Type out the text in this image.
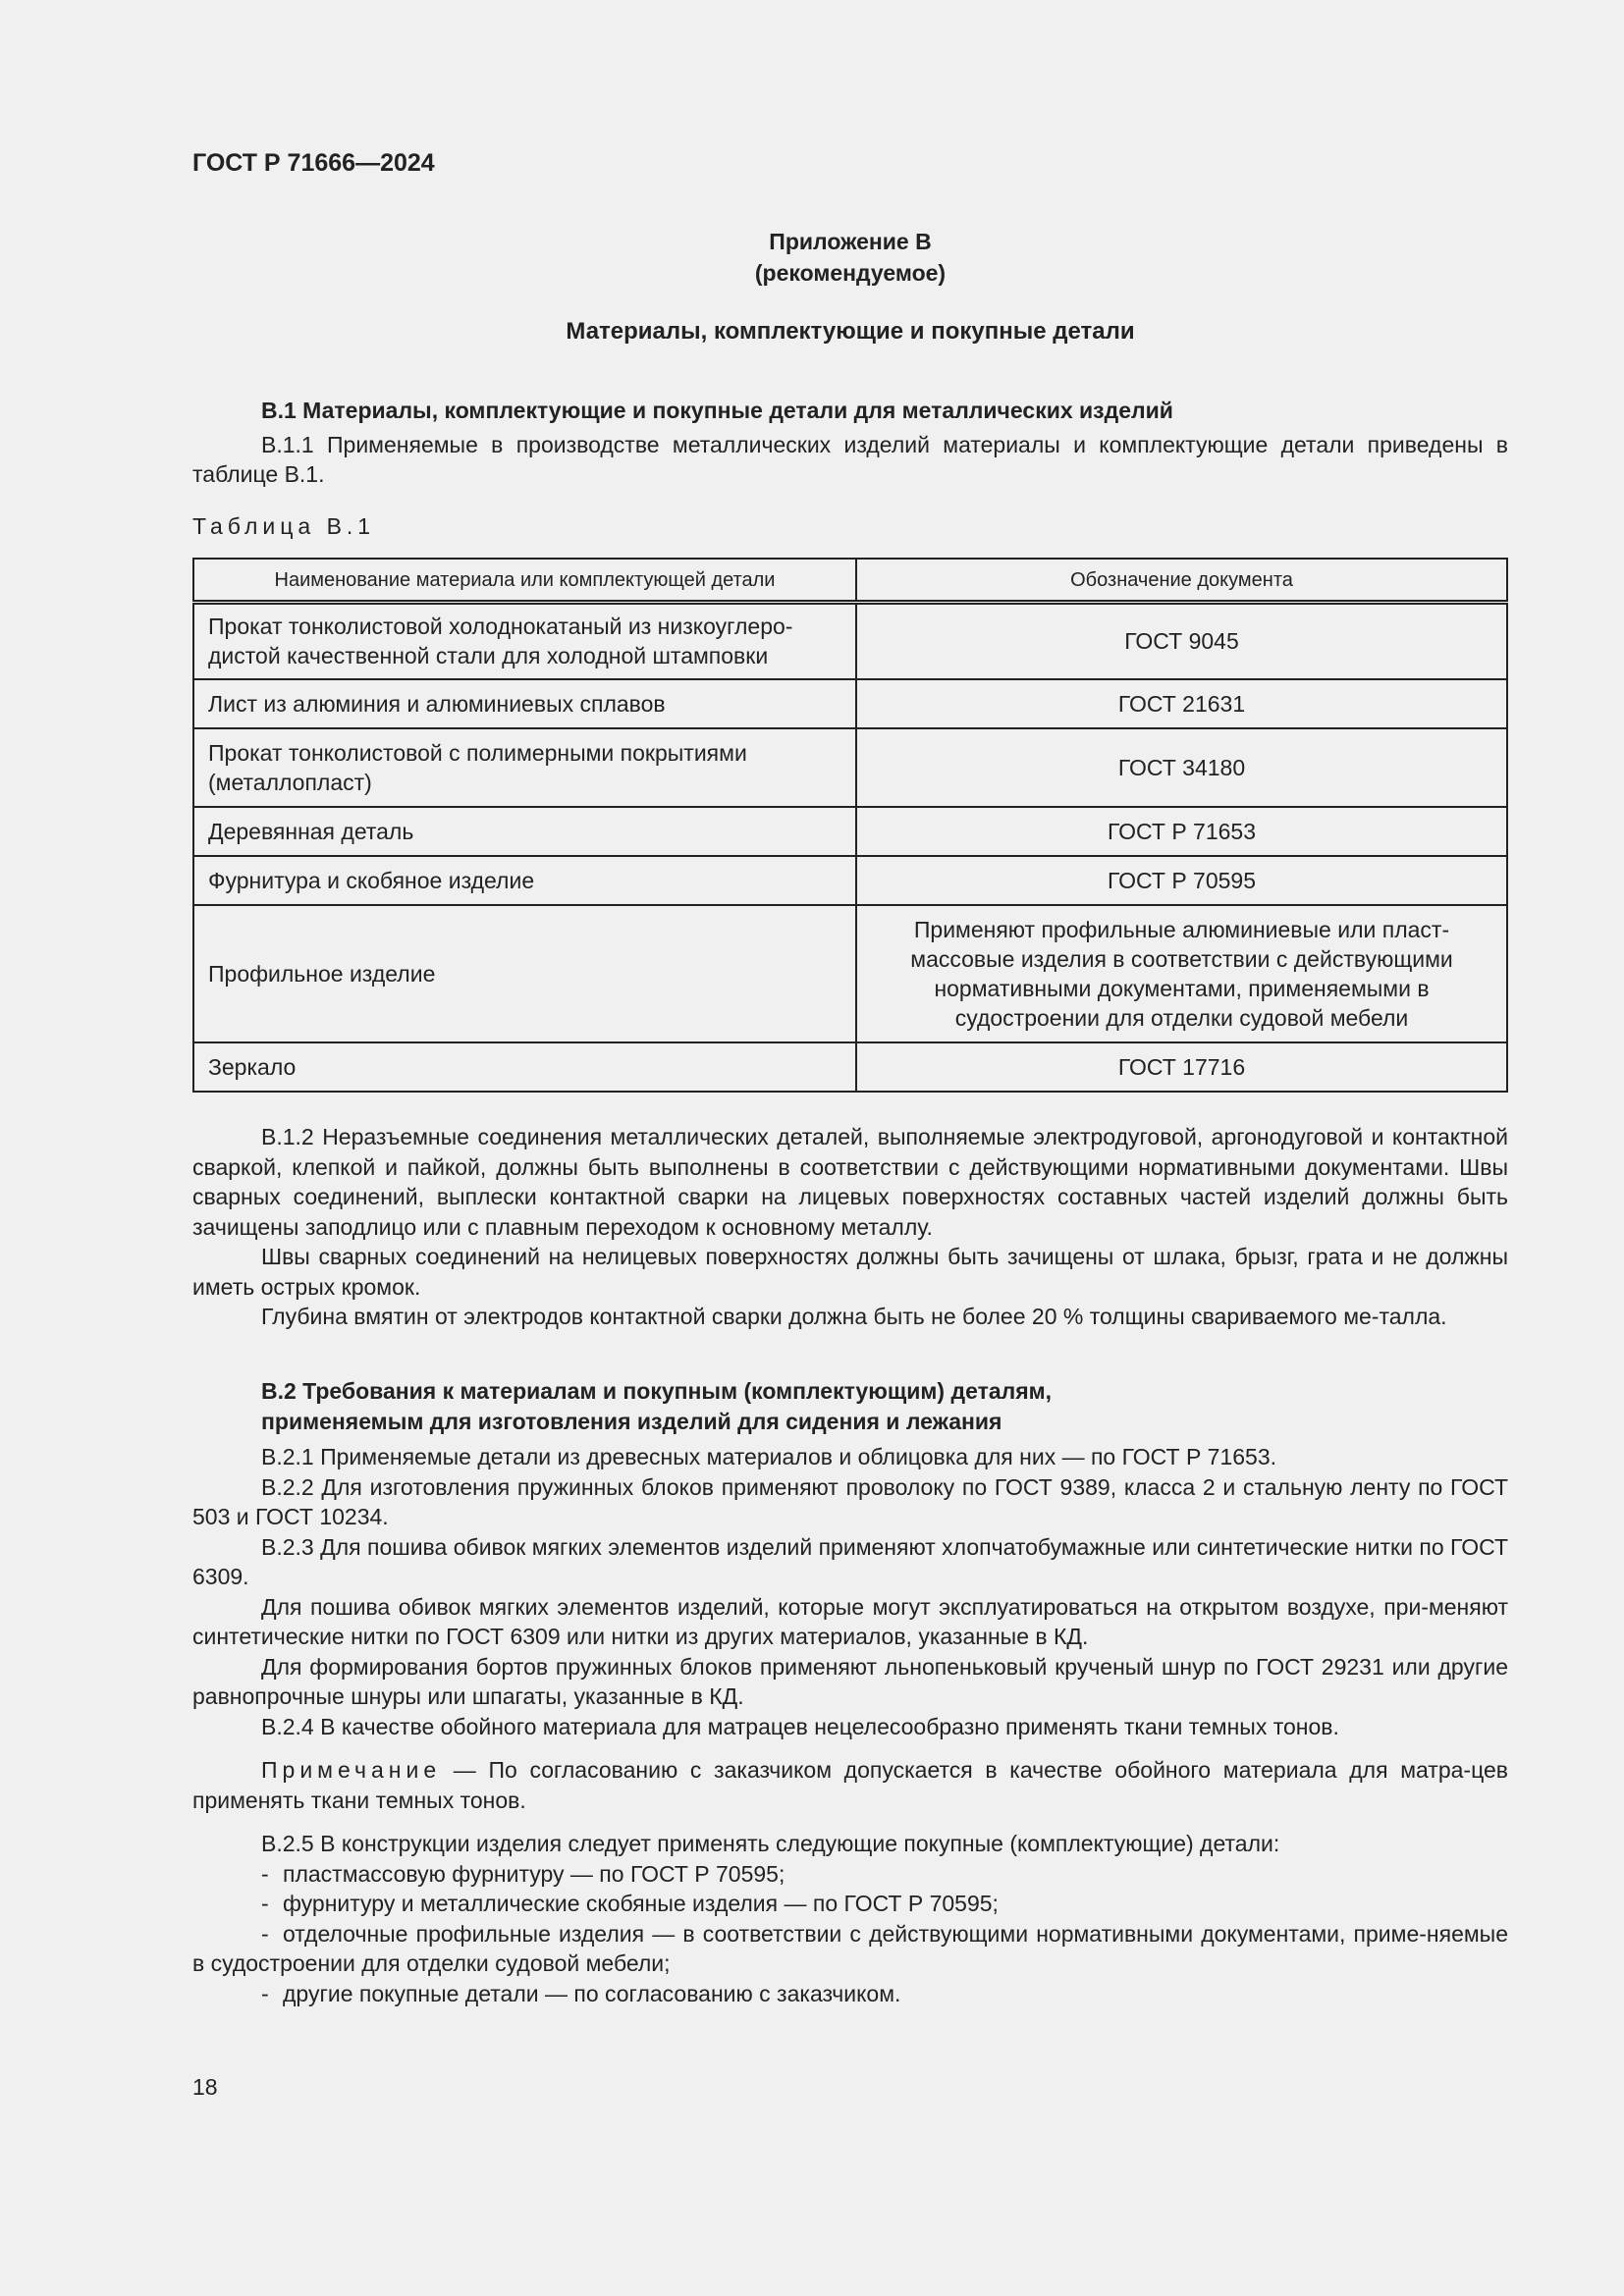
ГОСТ Р 71666—2024
Приложение В
(рекомендуемое)
Материалы, комплектующие и покупные детали

В.1 Материалы, комплектующие и покупные детали для металлических изделий

В.1.1 Применяемые в производстве металлических изделий материалы и комплектующие детали приведены в таблице В.1.

Таблица В.1

Наименование материала или комплектующей детали	Обозначение документа
Прокат тонколистовой холоднокатаный из низкоуглеро-дистой качественной стали для холодной штамповки	ГОСТ 9045
Лист из алюминия и алюминиевых сплавов	ГОСТ 21631
Прокат тонколистовой с полимерными покрытиями (металлопласт)	ГОСТ 34180
Деревянная деталь	ГОСТ Р 71653
Фурнитура и скобяное изделие	ГОСТ Р 70595
Профильное изделие	Применяют профильные алюминиевые или пласт-массовые изделия в соответствии с действующими нормативными документами, применяемыми в судостроении для отделки судовой мебели
Зеркало	ГОСТ 17716

В.1.2 Неразъемные соединения металлических деталей, выполняемые электродуговой, аргонодуговой и контактной сваркой, клепкой и пайкой, должны быть выполнены в соответствии с действующими нормативными документами. Швы сварных соединений, выплески контактной сварки на лицевых поверхностях составных частей изделий должны быть зачищены заподлицо или с плавным переходом к основному металлу.

Швы сварных соединений на нелицевых поверхностях должны быть зачищены от шлака, брызг, грата и не должны иметь острых кромок.

Глубина вмятин от электродов контактной сварки должна быть не более 20 % толщины свариваемого ме-талла.

В.2 Требования к материалам и покупным (комплектующим) деталям,
применяемым для изготовления изделий для сидения и лежания

В.2.1 Применяемые детали из древесных материалов и облицовка для них — по ГОСТ Р 71653.

В.2.2 Для изготовления пружинных блоков применяют проволоку по ГОСТ 9389, класса 2 и стальную ленту по ГОСТ 503 и ГОСТ 10234.

В.2.3 Для пошива обивок мягких элементов изделий применяют хлопчатобумажные или синтетические нитки по ГОСТ 6309.

Для пошива обивок мягких элементов изделий, которые могут эксплуатироваться на открытом воздухе, при-меняют синтетические нитки по ГОСТ 6309 или нитки из других материалов, указанные в КД.

Для формирования бортов пружинных блоков применяют льнопеньковый крученый шнур по ГОСТ 29231 или другие равнопрочные шнуры или шпагаты, указанные в КД.

В.2.4 В качестве обойного материала для матрацев нецелесообразно применять ткани темных тонов.

Примечание — По согласованию с заказчиком допускается в качестве обойного материала для матра-цев применять ткани темных тонов.

В.2.5 В конструкции изделия следует применять следующие покупные (комплектующие) детали:

- пластмассовую фурнитуру — по ГОСТ Р 70595;

- фурнитуру и металлические скобяные изделия — по ГОСТ Р 70595;

- отделочные профильные изделия — в соответствии с действующими нормативными документами, приме-няемые в судостроении для отделки судовой мебели;

- другие покупные детали — по согласованию с заказчиком.

18
